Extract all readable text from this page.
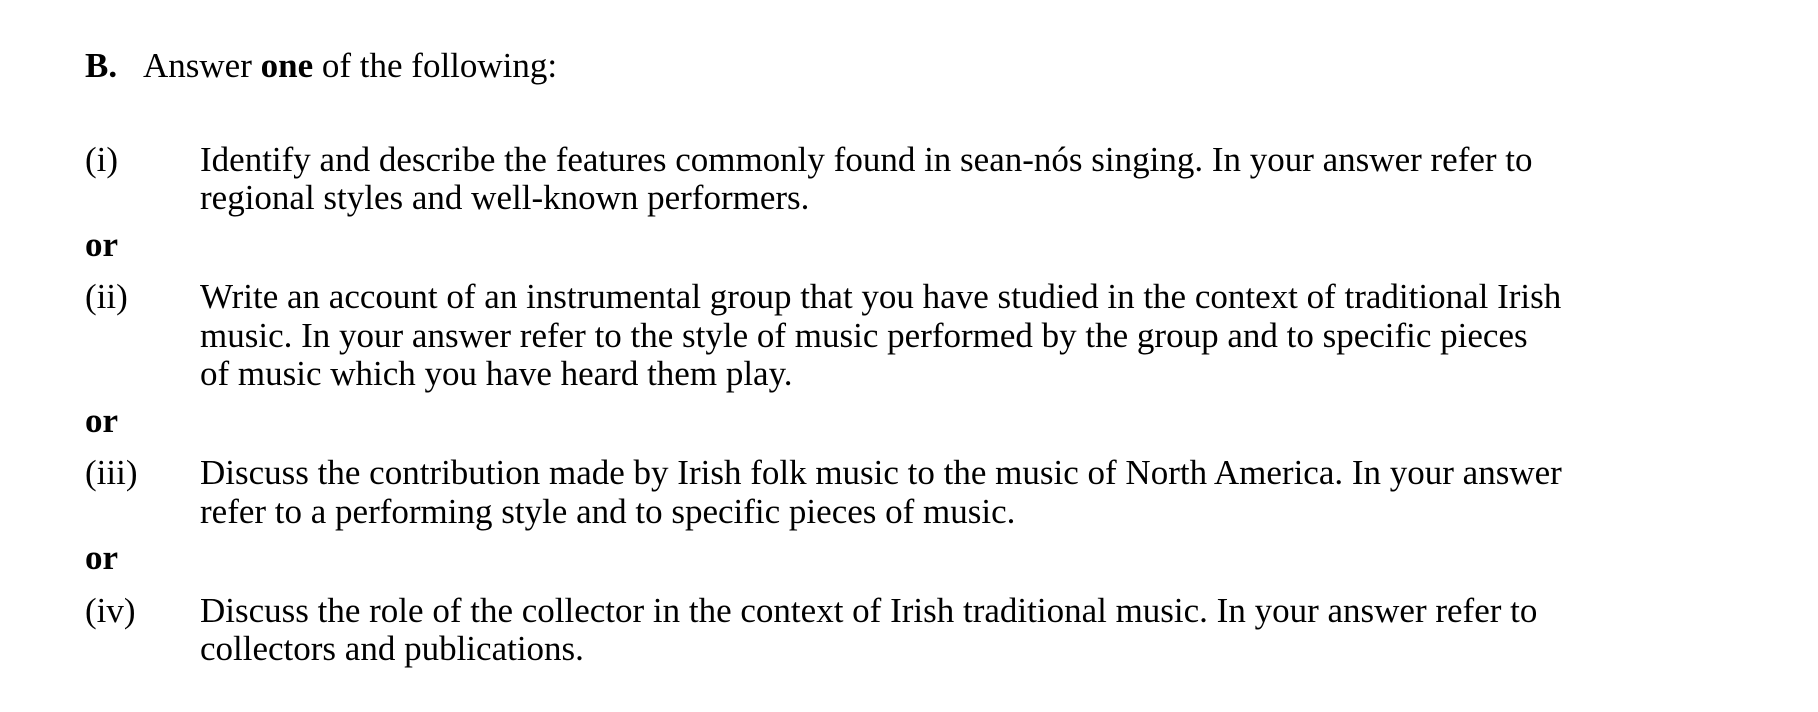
B. Answer one of the following:
(i)	Identify and describe the features commonly found in sean-nós singing. In your answer refer to
regional styles and well-known performers.
or
(ii)	Write an account of an instrumental group that you have studied in the context of traditional Irish
music. In your answer refer to the style of music performed by the group and to specific pieces
of music which you have heard them play.
or
(iii)	Discuss the contribution made by Irish folk music to the music of North America. In your answer
refer to a performing style and to specific pieces of music.
or
(iv)	Discuss the role of the collector in the context of Irish traditional music. In your answer refer to
collectors and publications.
